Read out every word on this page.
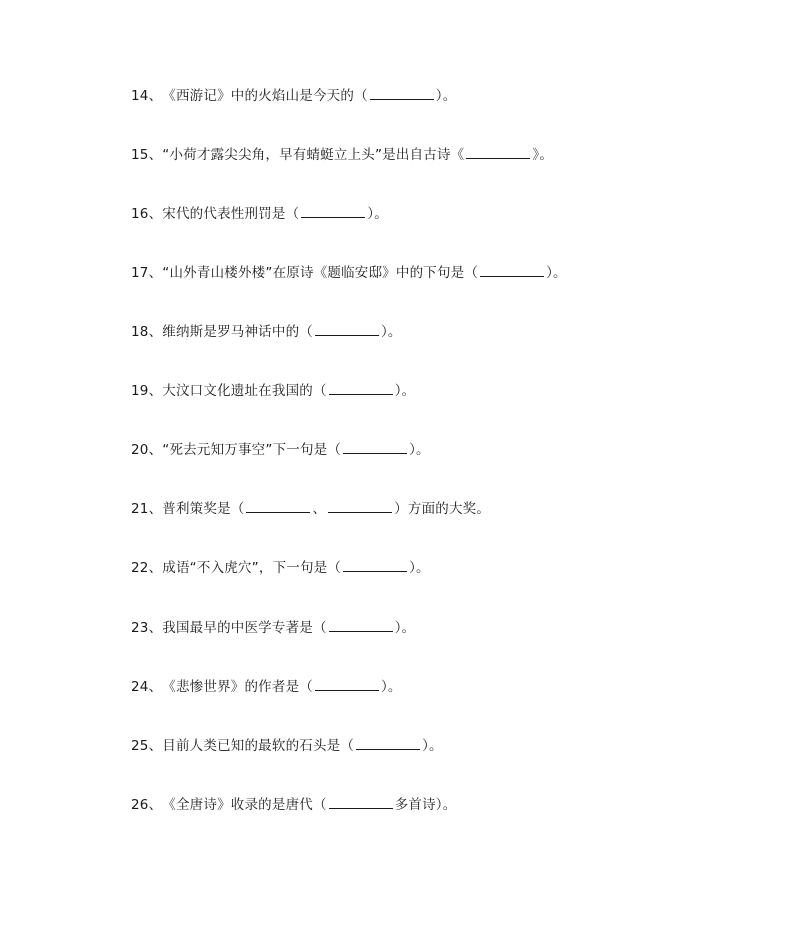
14、《西游记》中的火焰山是今天的（	）。
15、“小荷才露尖尖角，早有蜻蜓立上头”是出自古诗《	》。
16、宋代的代表性刑罚是（	）。
17、“山外青山楼外楼”在原诗《题临安邸》中的下句是（	）。
18、维纳斯是罗马神话中的（	）。
19、大汶口文化遗址在我国的（	）。
20、“死去元知万事空”下一句是（	）。
21、普利策奖是（	、	）方面的大奖。
22、成语“不入虎穴”，下一句是（	）。
23、我国最早的中医学专著是（	）。
24、《悲惨世界》的作者是（	）。
25、目前人类已知的最软的石头是（	）。
26、《全唐诗》收录的是唐代（	多首诗）。
